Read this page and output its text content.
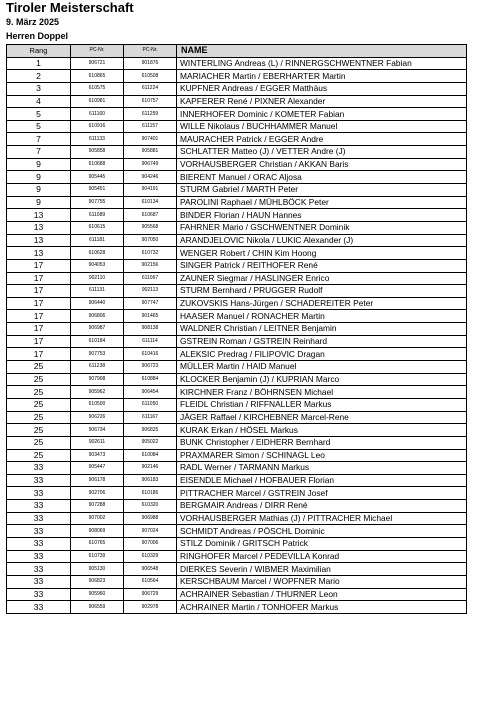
Tiroler Meisterschaft

9. März 2025

Herren Doppel

Rang	PC-Nr.	PC-Nr.	NAME
1	906721	901876	WINTERLING Andreas (L) / RINNERGSCHWENTNER Fabian
2	610865	610508	MARIACHER Martin / EBERHARTER Martin
3	610575	611224	KUPFNER Andreas / EGGER Matthäus
4	610981	610757	KAPFERER René / PIXNER Alexander
5	611160	611259	INNERHOFER Dominic / KOMETER Fabian
5	610916	611157	WILLE Nikolaus / BUCHHAMMER Manuel
7	611133	907401	MAURACHER Patrick / EGGER Andre
7	905858	905881	SCHLATTER Matteo (J) / VETTER Andre (J)
9	610688	906749	VORHAUSBERGER Christian / AKKAN Baris
9	905445	904246	BIERENT Manuel / ORAC Aljosa
9	905451	904191	STURM Gabriel / MARTH Peter
9	907755	610134	PAROLINI Raphael / MÜHLBÖCK Peter
13	611089	610687	BINDER Florian / HAUN Hannes
13	610615	905568	FAHRNER Mario / GSCHWENTNER Dominik
13	611181	907050	ARANDJELOVIC Nikola / LUKIC Alexander (J)
13	610628	610732	WENGER Robert / CHIN Kim Hoong
17	904053	902156	SINGER Patrick / REITHOFER René
17	902110	611067	ZAUNER Siegmar / HASLINGER Enrico
17	611131	902113	STURM Bernhard / PRUGGER Rudolf
17	906440	907747	ZUKOVSKIS Hans-Jürgen / SCHADEREITER Peter
17	906806	901465	HAASER Manuel / RONACHER Martin
17	906987	908138	WALDNER Christian / LEITNER Benjamin
17	610184	611114	GSTREIN Roman / GSTREIN Reinhard
17	907753	610416	ALEKSIC Predrag / FILIPOVIC Dragan
25	611238	906723	MÜLLER Martin / HAID Manuel
25	907908	610884	KLOCKER Benjamin (J) / KUPRIAN Marco
25	905962	906454	KIRCHNER Franz / BÖHRNSEN Michael
25	610500	611050	FLEIDL Christian / RIFFNALLER Markus
25	906226	611167	JÄGER Raffael / KIRCHEBNER Marcel-Rene
25	906734	906825	KURAK Erkan / HÖSEL Markus
25	902611	905022	BUNK Christopher / EIDHERR Bernhard
25	903473	610084	PRAXMARER Simon / SCHINAGL Leo
33	905447	902146	RADL Werner / TARMANN Markus
33	906178	906183	EISENDLE Michael / HOFBAUER Florian
33	902706	610186	PITTRACHER Marcel / GSTREIN Josef
33	907288	610320	BERGMAIR Andreas / DIRR René
33	907002	906988	VORHAUSBERGER Mathias (J) / PITTRACHER Michael
33	908069	907024	SCHMIDT Andreas / PÖSCHL Dominic
33	610765	907006	STILZ Dominik / GRITSCH Patrick
33	610739	610329	RINGHOFER Marcel / PEDEVILLA Konrad
33	905130	906548	DIERKES Severin / WIBMER Maximilian
33	906823	610564	KERSCHBAUM Marcel / WOPFNER Mario
33	905960	906729	ACHRAINER Sebastian / THURNER Leon
33	906559	902978	ACHRAINER Martin / TONHOFER Markus
